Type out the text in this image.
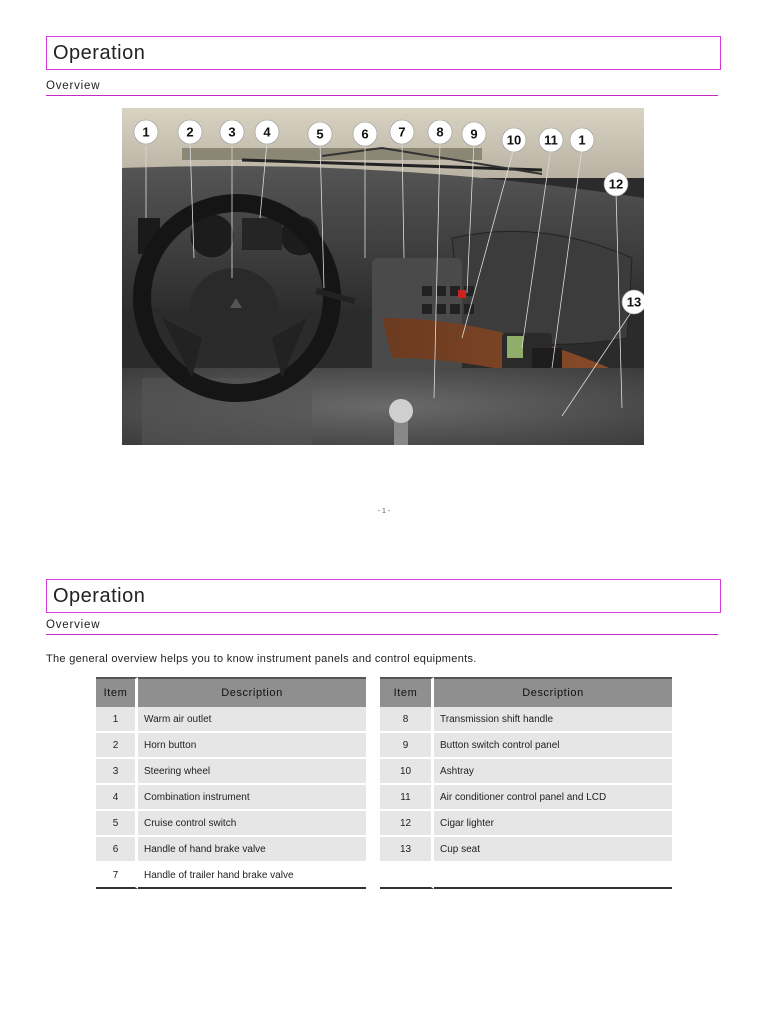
Operation
Overview
1	2	3 4	5	6 7 8 9 10 11 1
12
13
- 1 -
Operation
Overview
The general overview helps you to know instrument panels and control equipments.
Item	Description
1	Warm air outlet
2	Horn button
3	Steering wheel
4	Combination instrument
5	Cruise control switch
6	Handle of hand brake valve
7	Handle of trailer hand brake valve
Item	Description
8	Transmission shift handle
9	Button switch control panel
10	Ashtray
11	Air conditioner control panel and LCD
12	Cigar lighter
13	Cup seat
